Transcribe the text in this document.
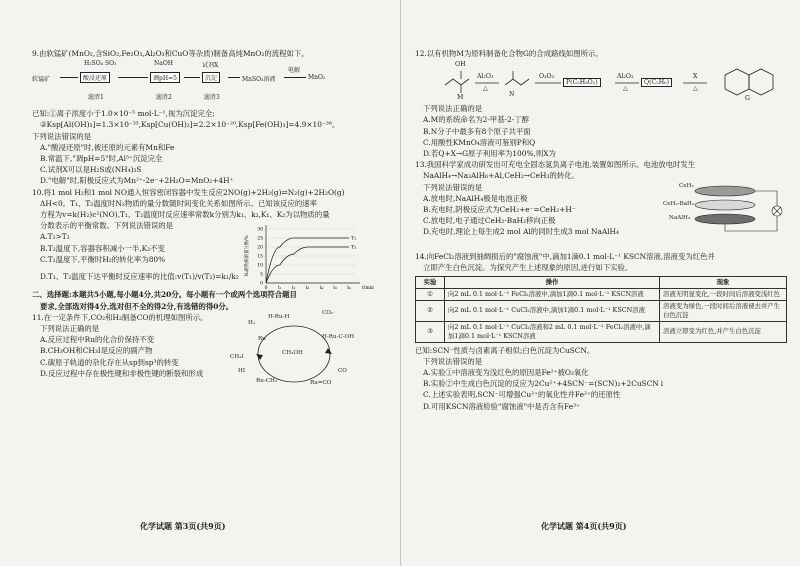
9.由软锰矿(MnO₂,含SiO₂,Fe₂O₃,Al₂O₃和CuO等杂质)制备高纯MnO₂的流程如下。

H₂SO₄ SO₂	NaOH	试剂X
软锰矿	酸浸还原	调pH=5	沉淀	MnSO₄溶液
电解
MnO₂
滤渣1	滤渣2	滤渣3

已知:①离子浓度小于1.0×10⁻⁵ mol·L⁻¹,视为沉淀完全;

②Ksp[Al(OH)₃]=1.3×10⁻³³,Ksp[Cu(OH)₂]=2.2×10⁻²⁰,Ksp[Fe(OH)₃]=4.9×10⁻³⁸。

下列说法错误的是

A."酸浸还原"时,被还原的元素有Mn和Fe

B.常温下,"调pH=5"时,Al³⁺沉淀完全

C.试剂X可以是H₂S或(NH₄)₂S

D."电解"时,阳极反应式为Mn²⁺-2e⁻+2H₂O=MnO₂+4H⁺

10.将1 mol H₂和1 mol NO通入恒容密闭容器中发生反应2NO(g)+2H₂(g)⇌N₂(g)+2H₂O(g)

ΔH<0。T₁、T₂温度时N₂物质的量分数随时间变化关系如图所示。已知该反应的速率

方程为v=k(H₂)c²(NO),T₁、T₂温度时反应速率常数k分别为k₁、k₂,K₁、K₂为以物质的量

分数表示的平衡常数。下列说法错误的是

A.T₁>T₂

B.T₂温度下,容器容积减小一半,K₂不变

C.T₁温度下,平衡时H₂的转化率为80%

D.T₁、T₂温度下达平衡时反应速率的比值:v(T₁)/v(T₂)=k₁/k₂

0
5
10
15
20
25
30
0 t₁ t₂ t₃ t₄ t₅ t₆ t/min
N₂的物质的量分数/%	T₁
T₂

二、选择题:本题共5小题,每小题4分,共20分。每小题有一个或两个选项符合题目

要求,全部选对得4分,选对但不全的得2分,有选错的得0分。

11.在一定条件下,CO₂和H₂制备CO的机理如图所示。

下列说法正确的是

A.反应过程中Ru的化合价保持不变

B.CH₃OH和CH₃I是反应的副产物

C.碳原子轨道的杂化存在从sp到sp³的转变

D.反应过程中存在极性键和非极性键的断裂和形成

H-Ru-H
CO₂
H₂
CH₃I
Ru
HI
CH₃OH
CO
H-Ru-C-OH
Ru-CH₃	Ru=CO
化学试题 第3页(共9页)

12.以有机物M为原料制备化合物G的合成路线如图所示。

OH
M
Al₂O₃
△
N
O₃O₃
P(C₅H₈O₂)
Al₂O₃
△
Q(C₅H₆)
X
△
G

下列说法正确的是

A.M的系统命名为2-甲基-2-丁醇

B.N分子中最多有8个原子共平面

C.用酸性KMnO₄溶液可鉴别P和Q

D.若Q+X→G原子利用率为100%,则X为

13.我国科学家成功研发出可充电全固态氢负离子电池,装置如图所示。电池放电时发生

NaAlH₄→Na₃AlH₆+Al,CeH₂→CeH₃的转化。

下列说法错误的是

A.放电时,NaAlH₄极是电池正极

B.充电时,阴极反应式为CeH₂+e⁻=CeH₂+H⁻

C.放电时,电子通过CeH₂-BaH₂移向正极

D.充电时,理论上每生成2 mol Al的同时生成3 mol NaAlH₄

CeH₂
CeH₂-BaH₂
NaAlH₄

14.向FeCl₂溶液到抽绸损后的"腐蚀液"中,滴加1滴0.1 mol·L⁻¹ KSCN溶液,溶液变为红色并

立即产生白色沉淀。为探究产生上述现象的原因,进行如下实验。

实验	操作	现象
①	向2 mL 0.1 mol·L⁻¹ FeCl₂溶液中,滴加1滴0.1 mol·L⁻¹ KSCN溶液	溶液无明显变化,一段时间后溶液变浅红色
②	向2 mL 0.1 mol·L⁻¹ CuCl₂溶液中,滴加1滴0.1 mol·L⁻¹ KSCN溶液	溶液变为绿色,一段时间后溶液褪去并产生白色沉淀
③	向2 mL 0.1 mol·L⁻¹ CuCl₂溶液和2 mL 0.1 mol·L⁻¹ FeCl₂溶液中,滴加1滴0.1 mol·L⁻¹ KSCN溶液	溶液立即变为红色,并产生白色沉淀

已知:SCN⁻性质与卤素离子相似;白色沉淀为CuSCN。

下列说法错误的是

A.实验①中溶液变为浅红色的原因是Fe²⁺被O₂氧化

B.实验②中生成白色沉淀的反应为2Cu²⁺+4SCN⁻=(SCN)₂+2CuSCN↓

C.上述实验表明,SCN⁻可增强Cu²⁺的氧化性并Fe²⁺的还原性

D.可用KSCN溶液检验"腐蚀液"中是否含有Fe³⁺

化学试题 第4页(共9页)
